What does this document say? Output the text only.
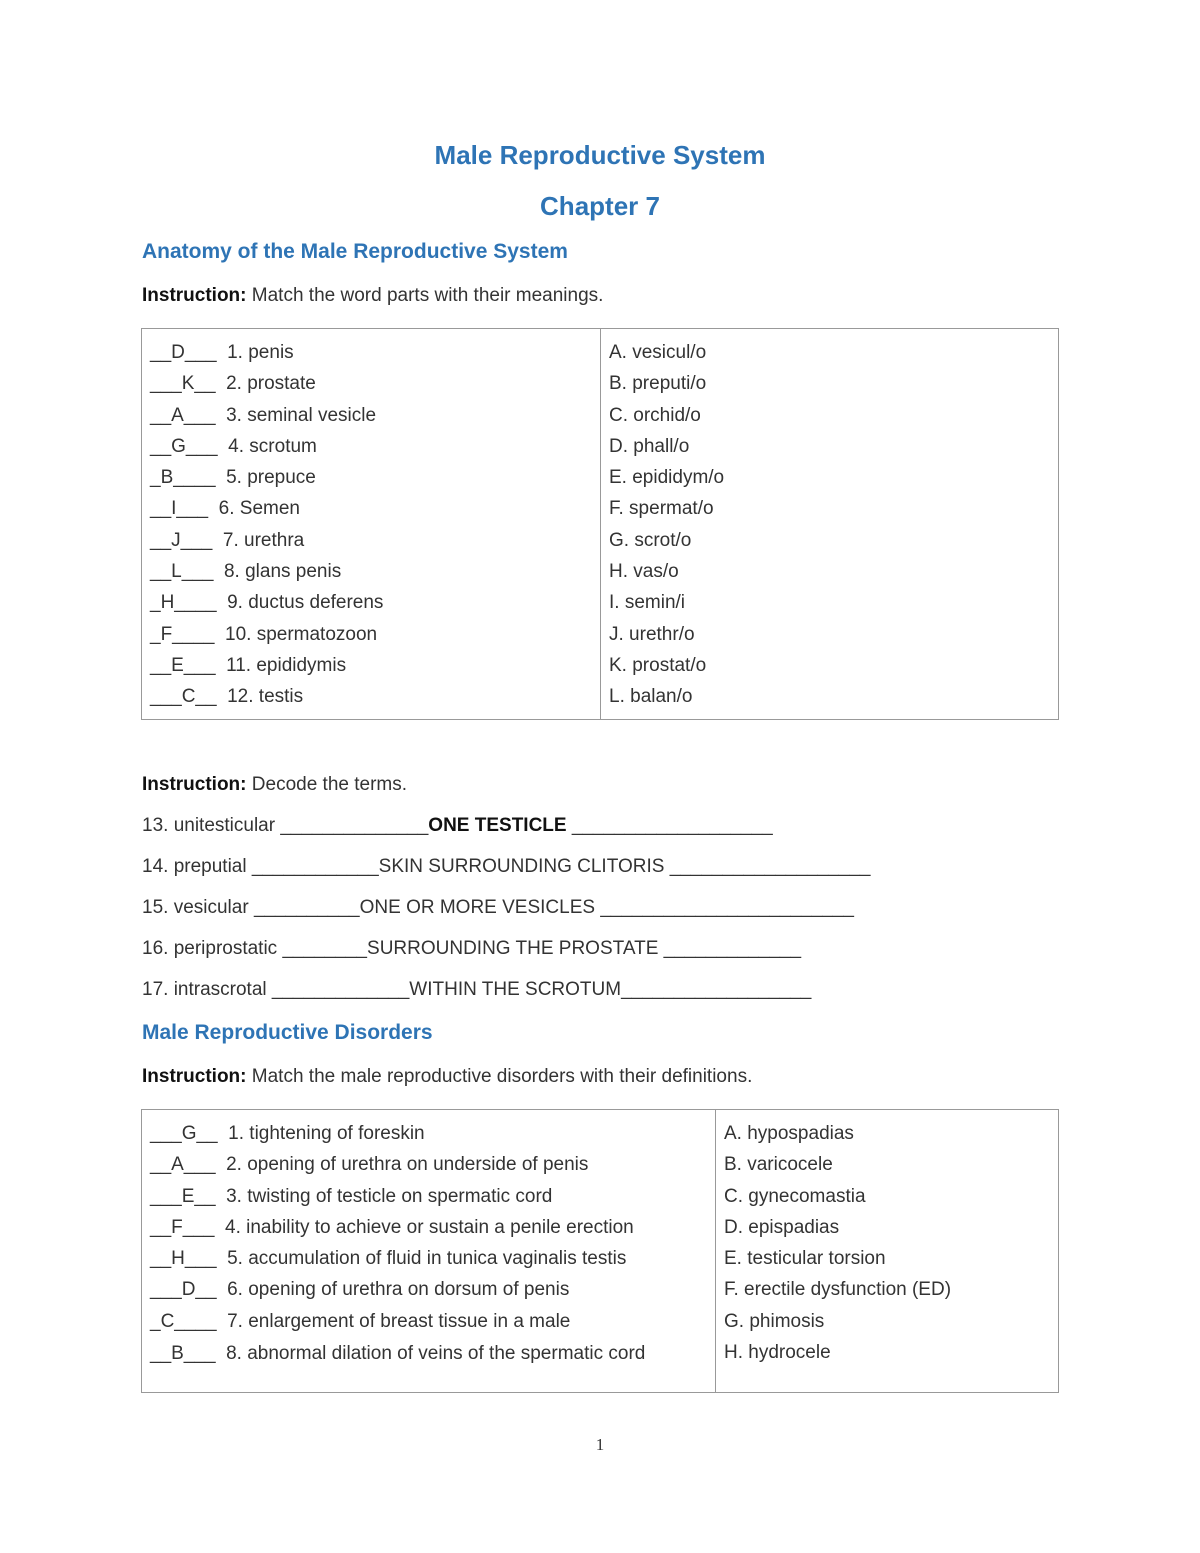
Male Reproductive System
Chapter 7
Anatomy of the Male Reproductive System
Instruction: Match the word parts with their meanings.
__D___  1. penis
___K__  2. prostate
__A___  3. seminal vesicle
__G___  4. scrotum
_B____  5. prepuce
__I___  6. Semen
__J___  7. urethra
__L___  8. glans penis
_H____  9. ductus deferens
_F____  10. spermatozoon
__E___  11. epididymis
___C__  12. testis

A. vesicul/o
B. preputi/o
C. orchid/o
D. phall/o
E. epididym/o
F. spermat/o
G. scrot/o
H. vas/o
I. semin/i
J. urethr/o
K. prostat/o
L. balan/o
Instruction: Decode the terms.
13. unitesticular ______________ONE TESTICLE ___________________
14. preputial ____________SKIN SURROUNDING CLITORIS ___________________
15. vesicular __________ONE OR MORE VESICLES ________________________
16. periprostatic ________SURROUNDING THE PROSTATE _____________
17. intrascrotal _____________WITHIN THE SCROTUM__________________
Male Reproductive Disorders
Instruction: Match the male reproductive disorders with their definitions.
___G__  1. tightening of foreskin
__A___  2. opening of urethra on underside of penis
___E__  3. twisting of testicle on spermatic cord
__F___  4. inability to achieve or sustain a penile erection
__H___  5. accumulation of fluid in tunica vaginalis testis
___D__  6. opening of urethra on dorsum of penis
_C____  7. enlargement of breast tissue in a male
__B___  8. abnormal dilation of veins of the spermatic cord

A. hypospadias
B. varicocele
C. gynecomastia
D. epispadias
E. testicular torsion
F. erectile dysfunction (ED)
G. phimosis
H. hydrocele
1
